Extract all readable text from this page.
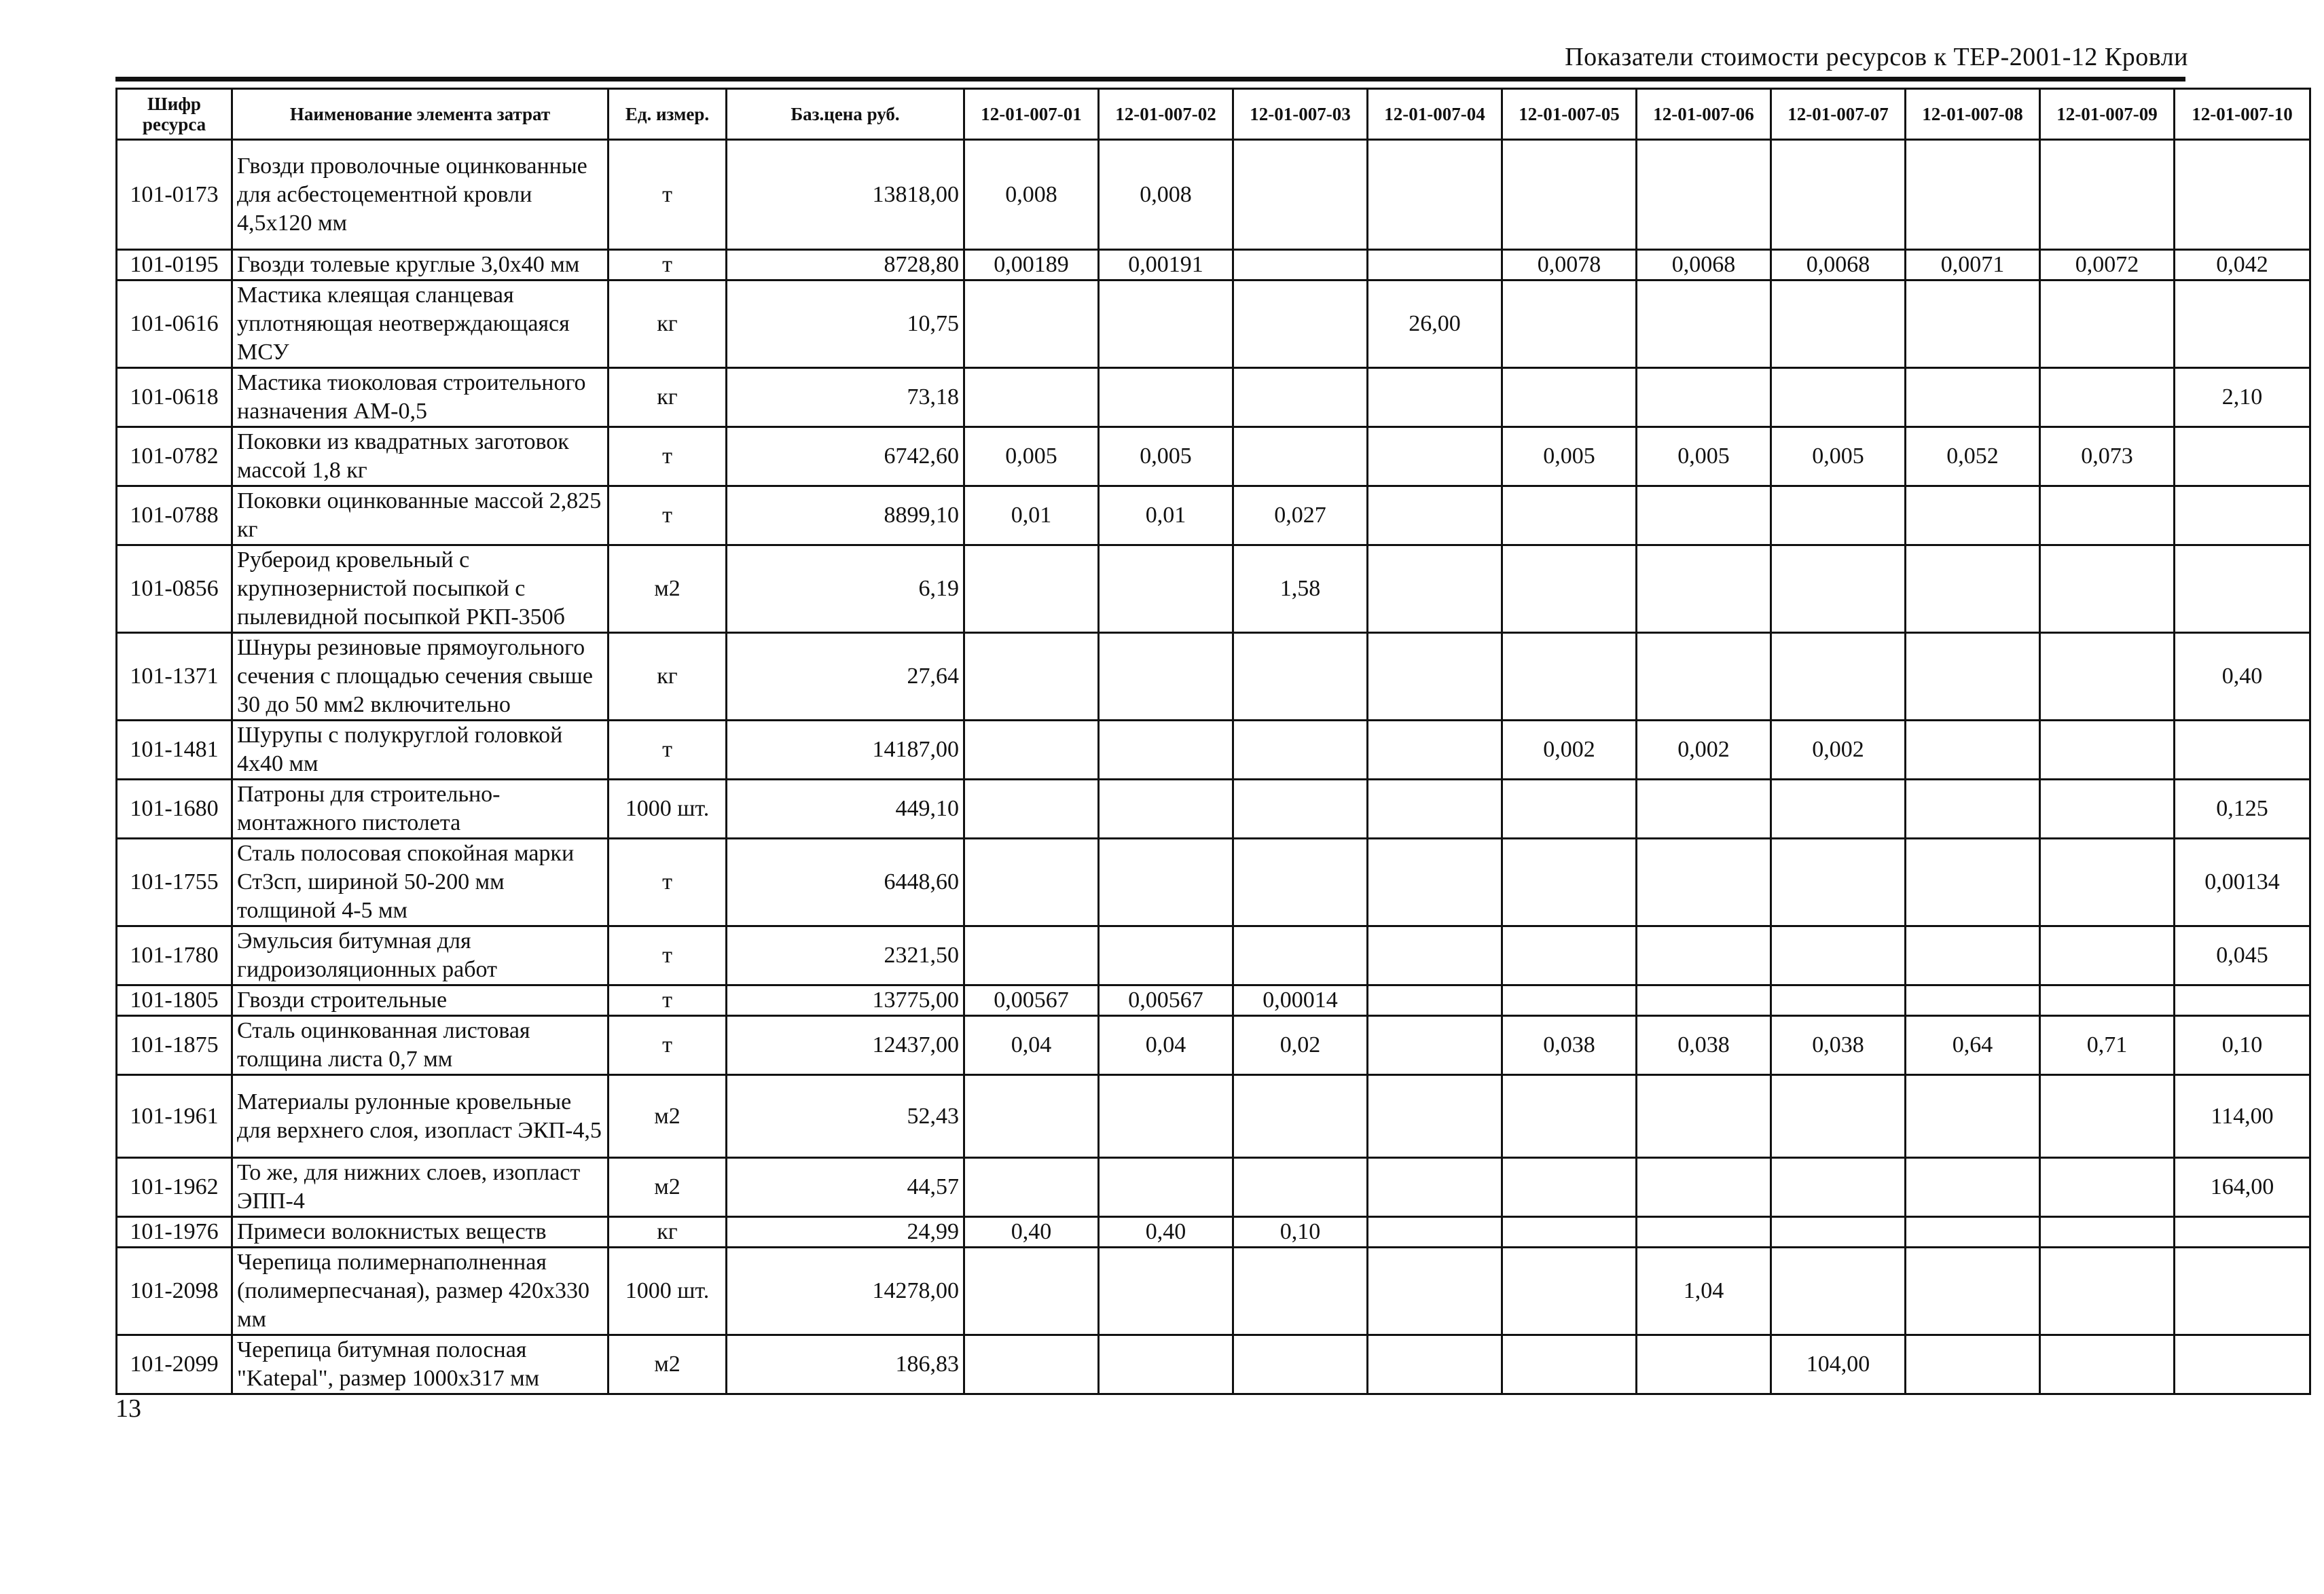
Показатели стоимости ресурсов к ТЕР-2001-12 Кровли
Шифр ресурса	Наименование элемента затрат	Ед. измер.	Баз.цена руб.	12-01-007-01	12-01-007-02	12-01-007-03	12-01-007-04	12-01-007-05	12-01-007-06	12-01-007-07	12-01-007-08	12-01-007-09	12-01-007-10
101-0173	Гвозди проволочные оцинкованные для асбестоцементной кровли 4,5х120 мм	т	13818,00	0,008	0,008								
101-0195	Гвозди толевые круглые 3,0х40 мм	т	8728,80	0,00189	0,00191			0,0078	0,0068	0,0068	0,0071	0,0072	0,042
101-0616	Мастика клеящая сланцевая уплотняющая неотверждающаяся МСУ	кг	10,75				26,00						
101-0618	Мастика тиоколовая строительного назначения АМ-0,5	кг	73,18										2,10
101-0782	Поковки из квадратных заготовок массой 1,8 кг	т	6742,60	0,005	0,005			0,005	0,005	0,005	0,052	0,073	
101-0788	Поковки оцинкованные массой 2,825 кг	т	8899,10	0,01	0,01	0,027							
101-0856	Рубероид кровельный с крупнозернистой посыпкой с пылевидной посыпкой РКП-350б	м2	6,19			1,58							
101-1371	Шнуры резиновые прямоугольного сечения с площадью сечения свыше 30 до 50 мм2 включительно	кг	27,64										0,40
101-1481	Шурупы с полукруглой головкой 4х40 мм	т	14187,00					0,002	0,002	0,002			
101-1680	Патроны для строительно-монтажного пистолета	1000 шт.	449,10										0,125
101-1755	Сталь полосовая спокойная марки Ст3сп, шириной 50-200 мм толщиной 4-5 мм	т	6448,60										0,00134
101-1780	Эмульсия битумная для гидроизоляционных работ	т	2321,50										0,045
101-1805	Гвозди строительные	т	13775,00	0,00567	0,00567	0,00014							
101-1875	Сталь оцинкованная листовая толщина листа 0,7 мм	т	12437,00	0,04	0,04	0,02		0,038	0,038	0,038	0,64	0,71	0,10
101-1961	Материалы рулонные кровельные для верхнего слоя, изопласт ЭКП-4,5	м2	52,43										114,00
101-1962	То же, для нижних слоев, изопласт ЭПП-4	м2	44,57										164,00
101-1976	Примеси волокнистых веществ	кг	24,99	0,40	0,40	0,10							
101-2098	Черепица полимернаполненная (полимерпесчаная), размер 420х330 мм	1000 шт.	14278,00						1,04				
101-2099	Черепица битумная полосная "Katepal", размер 1000х317 мм	м2	186,83							104,00			
13
